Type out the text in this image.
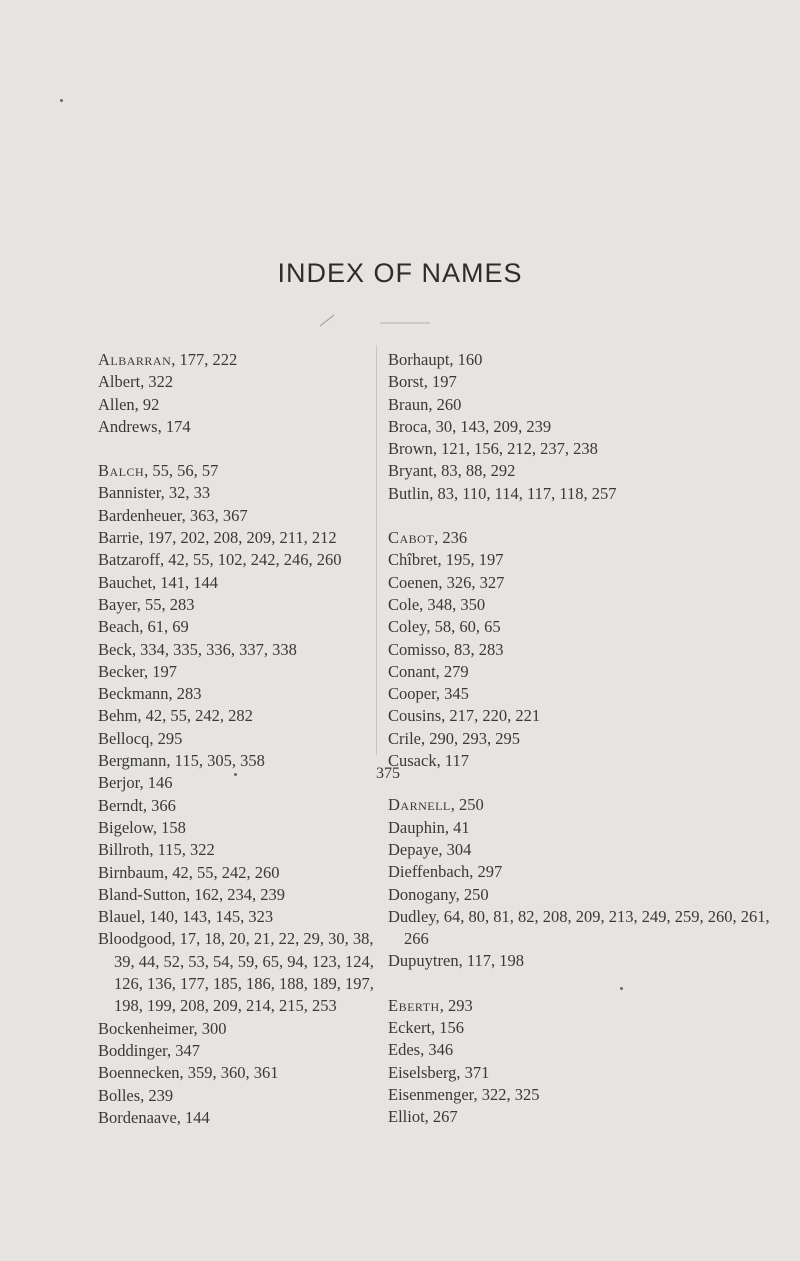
INDEX OF NAMES
Albarran, 177, 222
Albert, 322
Allen, 92
Andrews, 174
Balch, 55, 56, 57
Bannister, 32, 33
Bardenheuer, 363, 367
Barrie, 197, 202, 208, 209, 211, 212
Batzaroff, 42, 55, 102, 242, 246, 260
Bauchet, 141, 144
Bayer, 55, 283
Beach, 61, 69
Beck, 334, 335, 336, 337, 338
Becker, 197
Beckmann, 283
Behm, 42, 55, 242, 282
Bellocq, 295
Bergmann, 115, 305, 358
Berjor, 146
Berndt, 366
Bigelow, 158
Billroth, 115, 322
Birnbaum, 42, 55, 242, 260
Bland-Sutton, 162, 234, 239
Blauel, 140, 143, 145, 323
Bloodgood, 17, 18, 20, 21, 22, 29, 30, 38, 39, 44, 52, 53, 54, 59, 65, 94, 123, 124, 126, 136, 177, 185, 186, 188, 189, 197, 198, 199, 208, 209, 214, 215, 253
Bockenheimer, 300
Boddinger, 347
Boennecken, 359, 360, 361
Bolles, 239
Bordenaave, 144
Borhaupt, 160
Borst, 197
Braun, 260
Broca, 30, 143, 209, 239
Brown, 121, 156, 212, 237, 238
Bryant, 83, 88, 292
Butlin, 83, 110, 114, 117, 118, 257
Cabot, 236
Chîbret, 195, 197
Coenen, 326, 327
Cole, 348, 350
Coley, 58, 60, 65
Comisso, 83, 283
Conant, 279
Cooper, 345
Cousins, 217, 220, 221
Crile, 290, 293, 295
Cusack, 117
Darnell, 250
Dauphin, 41
Depaye, 304
Dieffenbach, 297
Donogany, 250
Dudley, 64, 80, 81, 82, 208, 209, 213, 249, 259, 260, 261, 266
Dupuytren, 117, 198
Eberth, 293
Eckert, 156
Edes, 346
Eiselsberg, 371
Eisenmenger, 322, 325
Elliot, 267
375
